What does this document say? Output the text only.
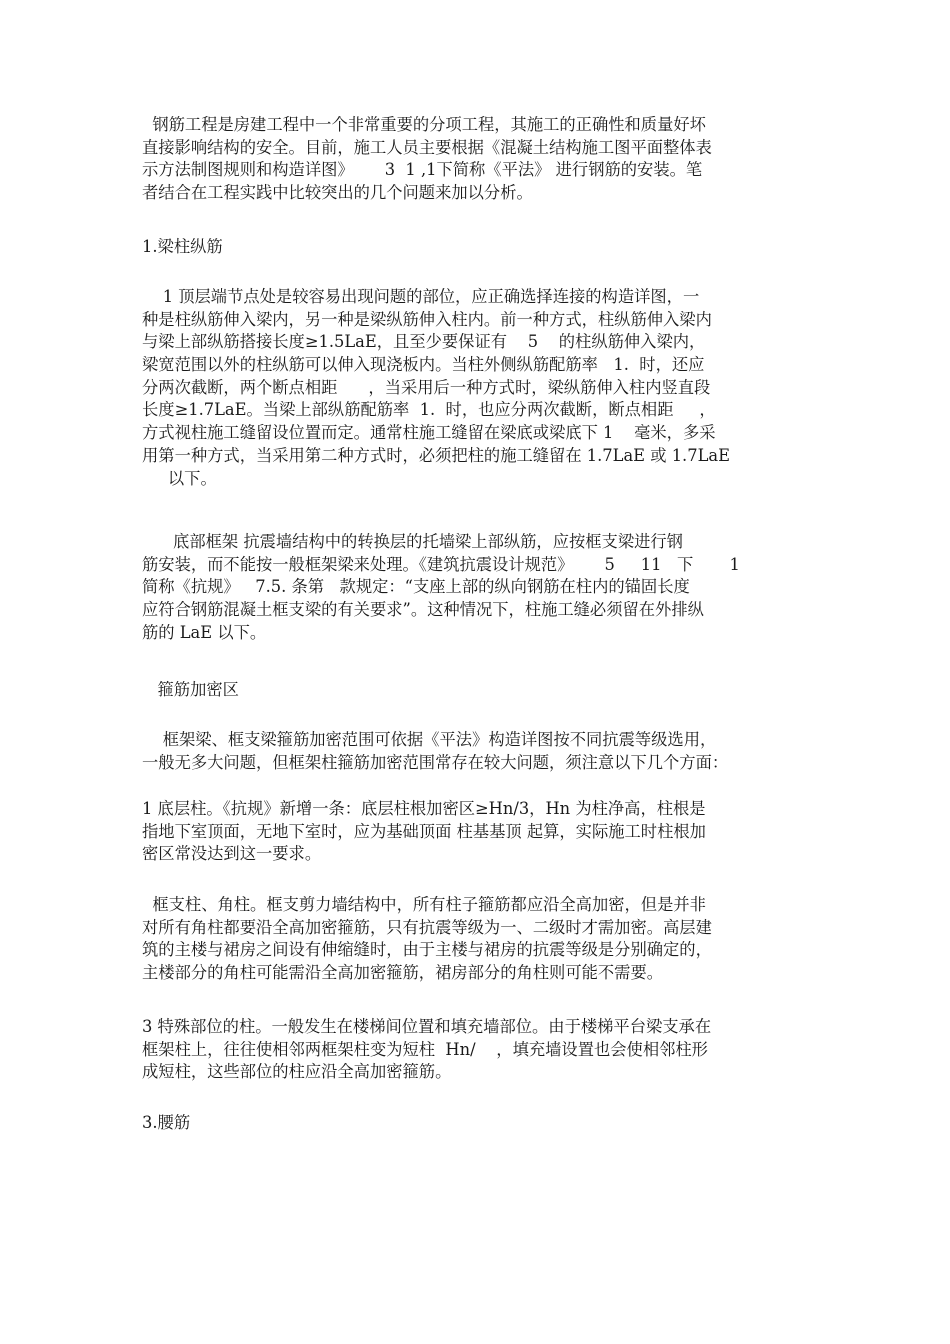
钢筋工程是房建工程中一个非常重要的分项工程，其施工的正确性和质量好坏
直接影响结构的安全。目前，施工人员主要根据《混凝土结构施工图平面整体表
示方法制图规则和构造详图》      3  1 ,1下简称《平法》 进行钢筋的安装。笔
者结合在工程实践中比较突出的几个问题来加以分析。
1.梁柱纵筋
1 顶层端节点处是较容易出现问题的部位，应正确选择连接的构造详图，一
种是柱纵筋伸入梁内，另一种是梁纵筋伸入柱内。前一种方式，柱纵筋伸入梁内
与梁上部纵筋搭接长度≥1.5LaE，且至少要保证有    5    的柱纵筋伸入梁内，
梁宽范围以外的柱纵筋可以伸入现浇板内。当柱外侧纵筋配筋率   1.  时，还应
分两次截断，两个断点相距      ，当采用后一种方式时，梁纵筋伸入柱内竖直段
长度≥1.7LaE。当梁上部纵筋配筋率  1.  时，也应分两次截断，断点相距     ，
方式视柱施工缝留设位置而定。通常柱施工缝留在梁底或梁底下 1    毫米，多采
用第一种方式，当采用第二种方式时，必须把柱的施工缝留在 1.7LaE 或 1.7LaE
以下。
底部框架 抗震墙结构中的转换层的托墙梁上部纵筋，应按框支梁进行钢
筋安装，而不能按一般框架梁来处理。《建筑抗震设计规范》      5     11   下       1
简称《抗规》   7.5. 条第   款规定：“支座上部的纵向钢筋在柱内的锚固长度
应符合钢筋混凝土框支梁的有关要求”。这种情况下，柱施工缝必须留在外排纵
筋的 LaE 以下。
箍筋加密区
框架梁、框支梁箍筋加密范围可依据《平法》构造详图按不同抗震等级选用，
一般无多大问题，但框架柱箍筋加密范围常存在较大问题，须注意以下几个方面：
1 底层柱。《抗规》新增一条：底层柱根加密区≥Hn/3，Hn 为柱净高，柱根是
指地下室顶面，无地下室时，应为基础顶面 柱基基顶 起算，实际施工时柱根加
密区常没达到这一要求。
框支柱、角柱。框支剪力墙结构中，所有柱子箍筋都应沿全高加密，但是并非
对所有角柱都要沿全高加密箍筋，只有抗震等级为一、二级时才需加密。高层建
筑的主楼与裙房之间设有伸缩缝时，由于主楼与裙房的抗震等级是分别确定的，
主楼部分的角柱可能需沿全高加密箍筋，裙房部分的角柱则可能不需要。
3 特殊部位的柱。一般发生在楼梯间位置和填充墙部位。由于楼梯平台梁支承在
框架柱上，往往使相邻两框架柱变为短柱  Hn/    ，填充墙设置也会使相邻柱形
成短柱，这些部位的柱应沿全高加密箍筋。
3.腰筋
